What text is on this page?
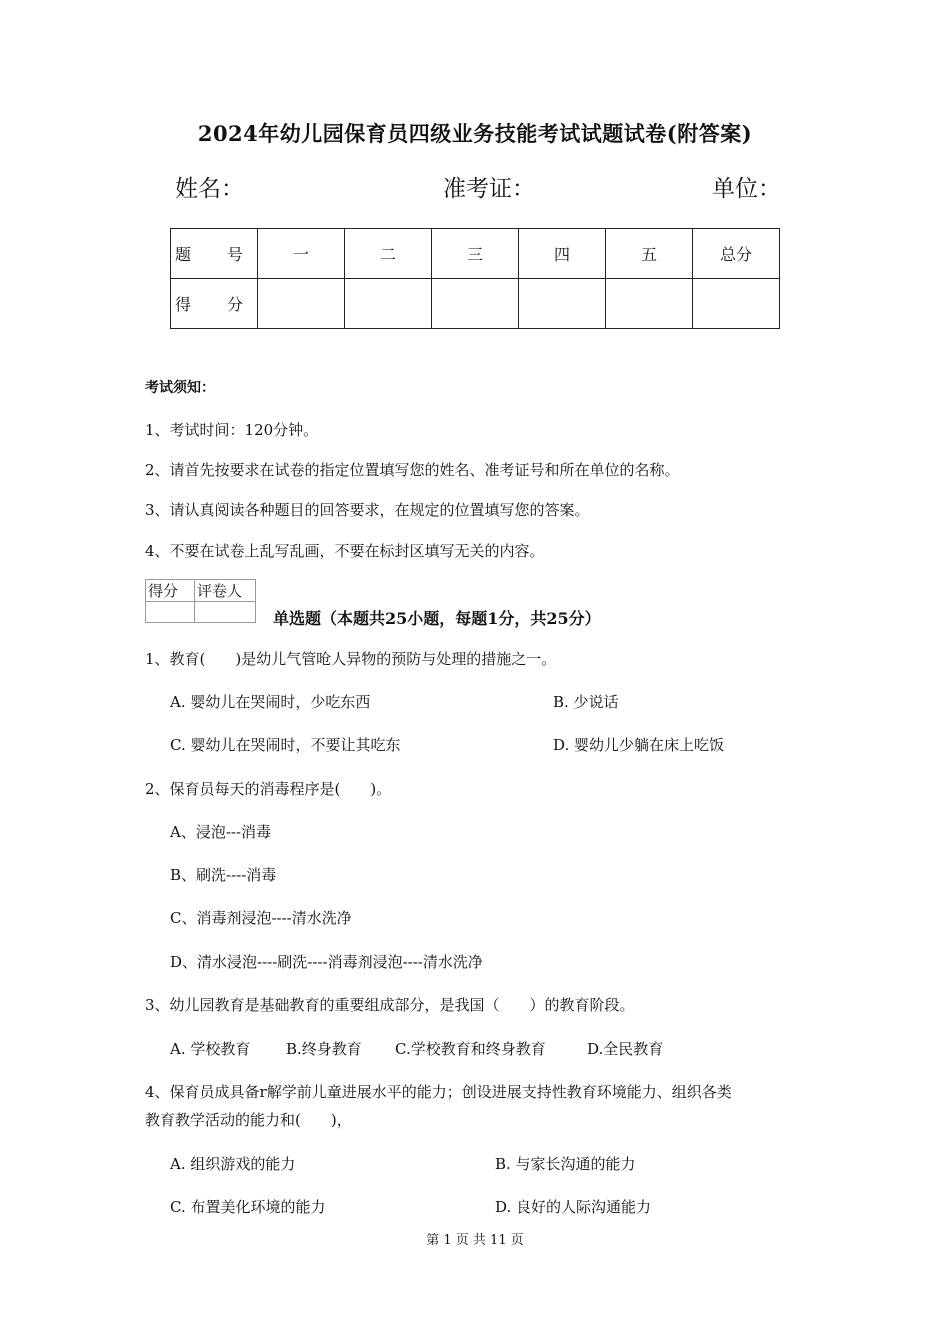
2024年幼儿园保育员四级业务技能考试试题试卷(附答案)
姓名：	准考证：	单位：
题　号	一	二	三	四	五	总分
得　分						
考试须知：
1、考试时间：120分钟。
2、请首先按要求在试卷的指定位置填写您的姓名、准考证号和所在单位的名称。
3、请认真阅读各种题目的回答要求，在规定的位置填写您的答案。
4、不要在试卷上乱写乱画，不要在标封区填写无关的内容。
得分	评卷人

单选题（本题共25小题，每题1分，共25分）
1、教育(　　)是幼儿气管呛人异物的预防与处理的措施之一。
A. 婴幼儿在哭闹时，少吃东西	B. 少说话
C. 婴幼儿在哭闹时，不要让其吃东	D. 婴幼儿少躺在床上吃饭
2、保育员每天的消毒程序是(　　)。
A、浸泡---消毒
B、刷洗----消毒
C、消毒剂浸泡----清水洗净
D、清水浸泡----刷洗----消毒剂浸泡----清水洗净
3、幼儿园教育是基础教育的重要组成部分，是我国（　　）的教育阶段。
A. 学校教育 B.终身教育 C.学校教育和终身教育	D.全民教育
4、保育员成具备r解学前儿童进展水平的能力；创设进展支持性教育环境能力、组织各类
教育教学活动的能力和(　　)，
A. 组织游戏的能力	B. 与家长沟通的能力
C. 布置美化环境的能力	D. 良好的人际沟通能力
第 1 页 共 11 页
